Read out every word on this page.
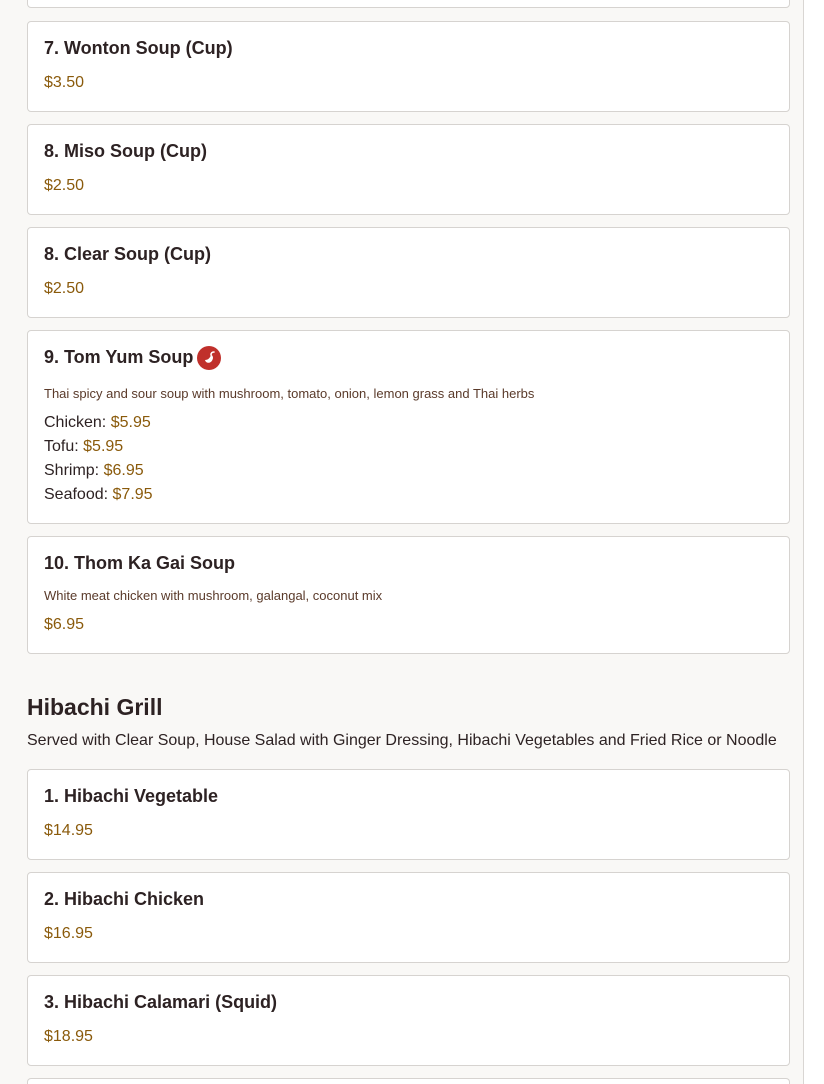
7. Wonton Soup (Cup)
$3.50
8. Miso Soup (Cup)
$2.50
8. Clear Soup (Cup)
$2.50
9. Tom Yum Soup
Thai spicy and sour soup with mushroom, tomato, onion, lemon grass and Thai herbs
Chicken: $5.95
Tofu: $5.95
Shrimp: $6.95
Seafood: $7.95
10. Thom Ka Gai Soup
White meat chicken with mushroom, galangal, coconut mix
$6.95
Hibachi Grill
Served with Clear Soup, House Salad with Ginger Dressing, Hibachi Vegetables and Fried Rice or Noodle
1. Hibachi Vegetable
$14.95
2. Hibachi Chicken
$16.95
3. Hibachi Calamari (Squid)
$18.95
